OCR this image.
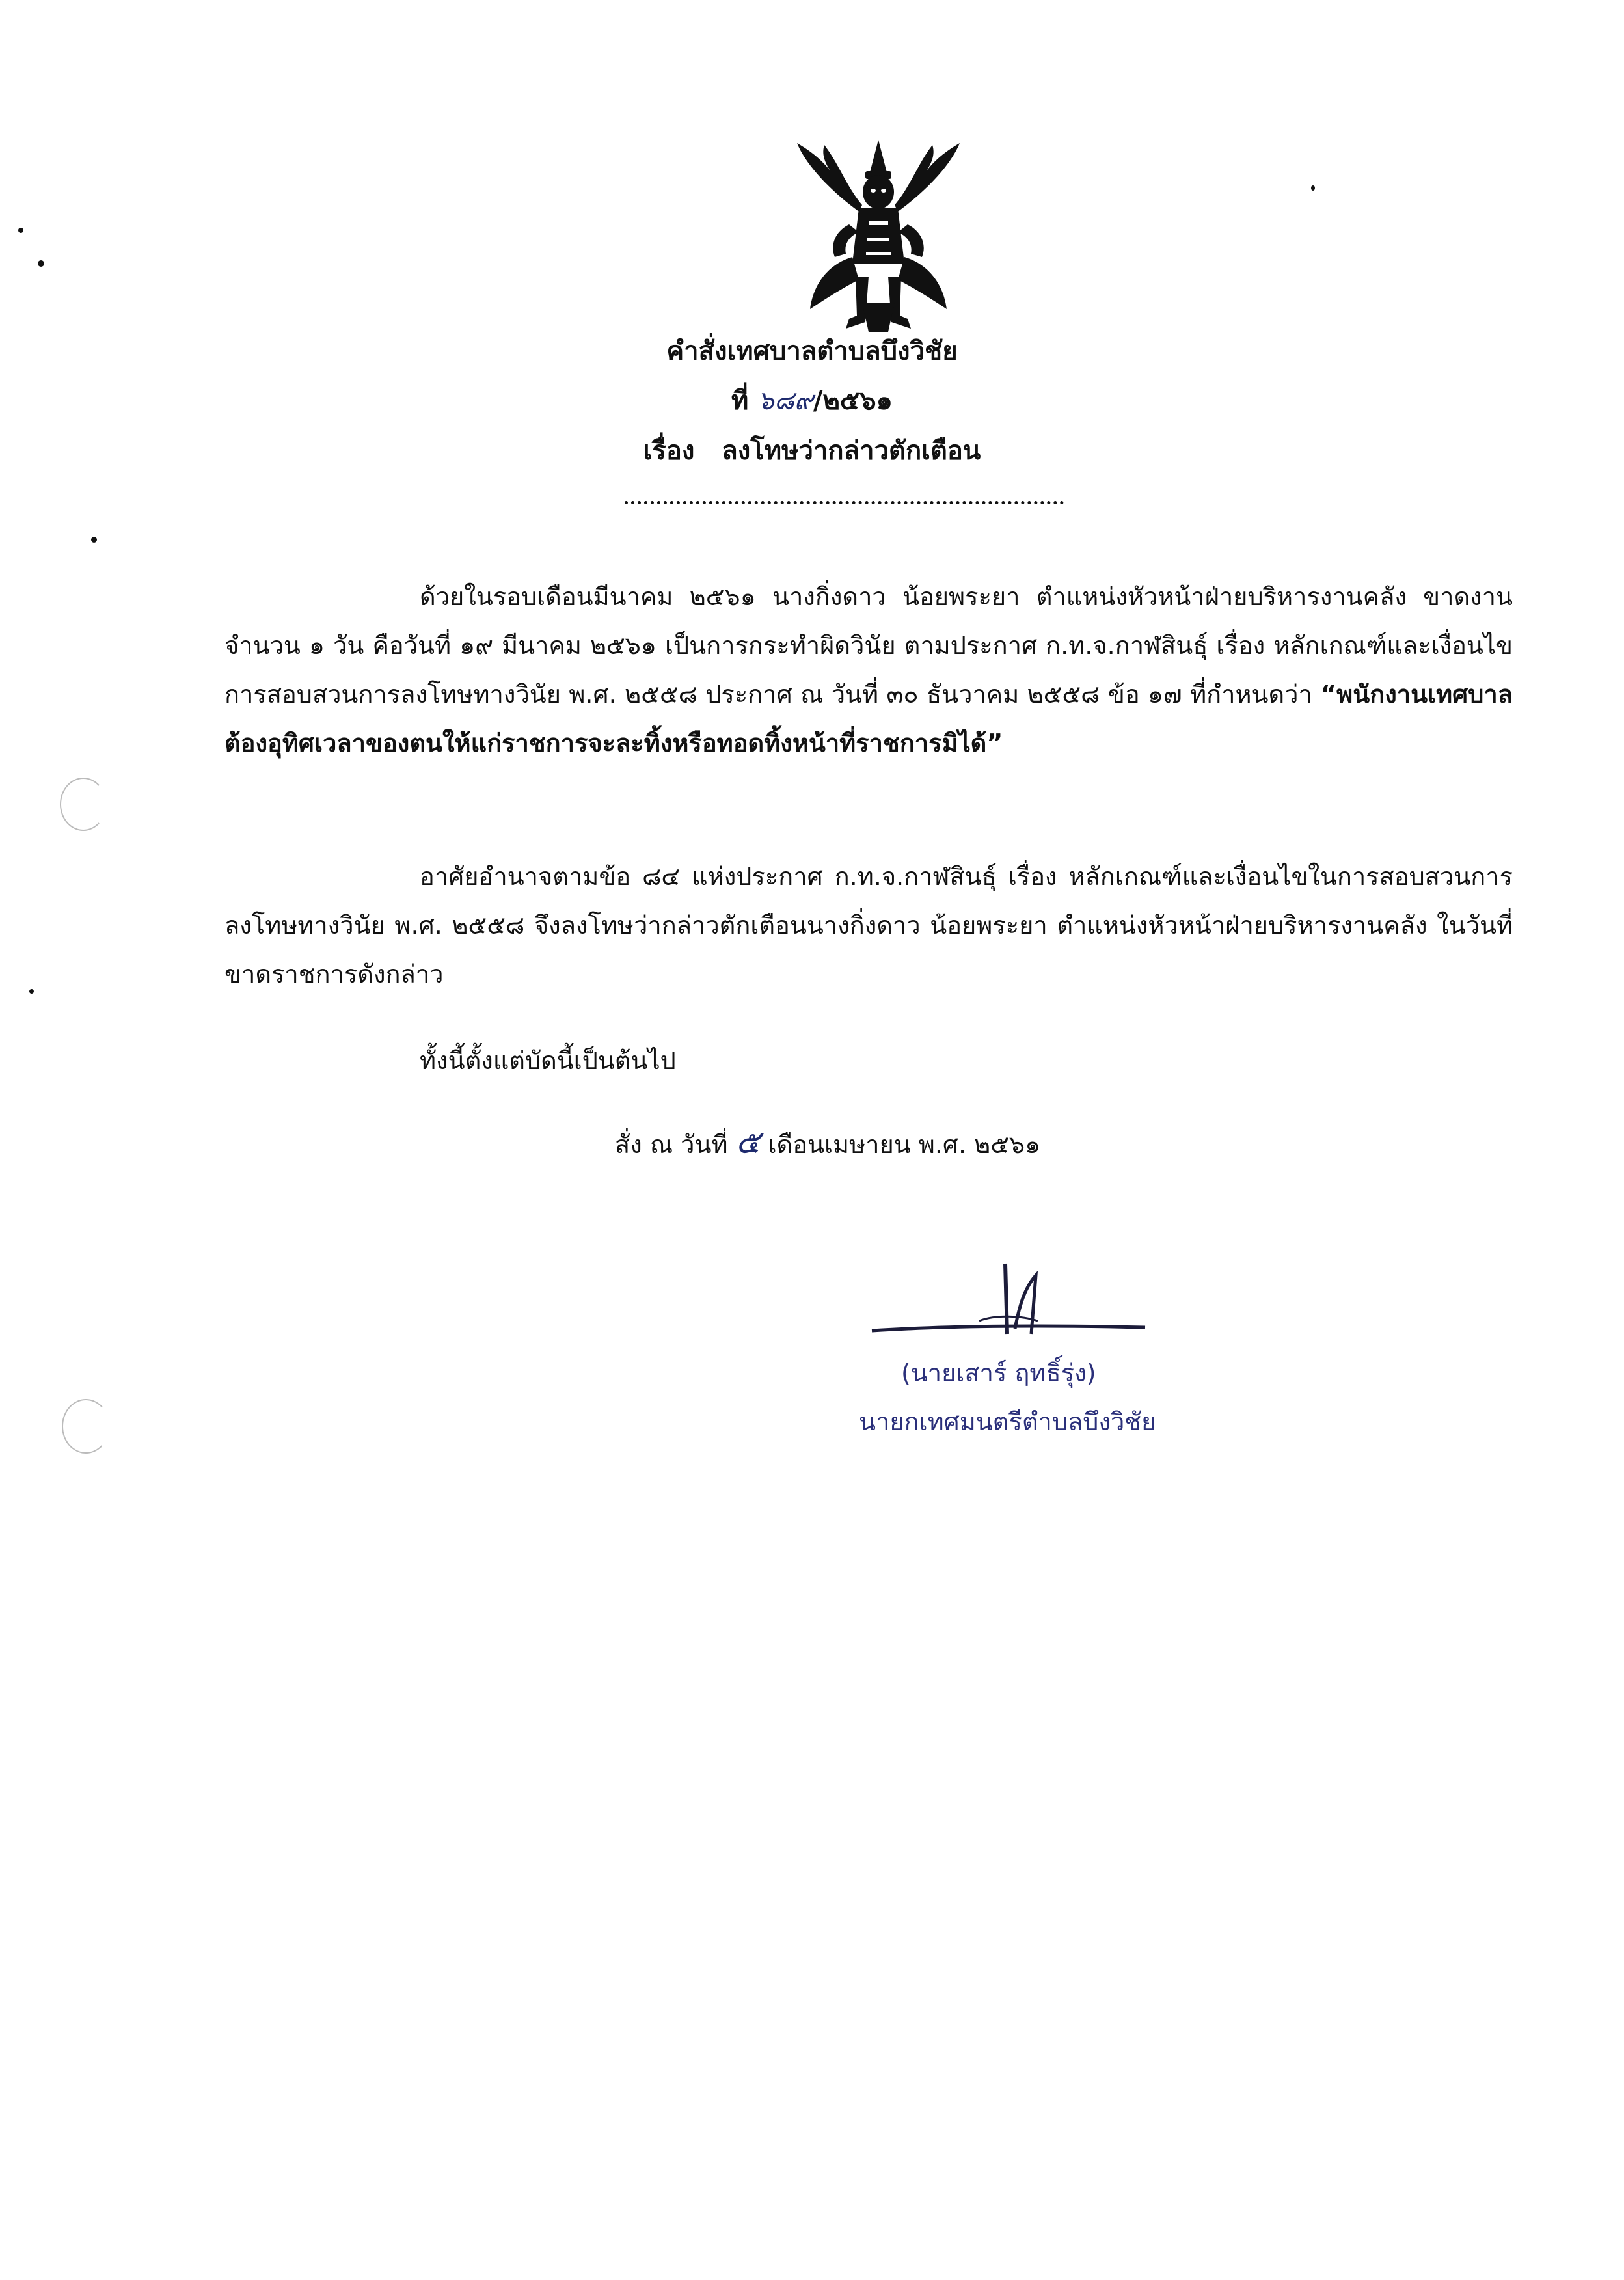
คำสั่งเทศบาลตำบลบึงวิชัย
ที่ ๖๘๙/๒๕๖๑
เรื่อง ลงโทษว่ากล่าวตักเตือน
ด้วยในรอบเดือนมีนาคม ๒๕๖๑ นางกิ่งดาว น้อยพระยา ตำแหน่งหัวหน้าฝ่ายบริหารงานคลัง ขาดงาน จำนวน ๑ วัน คือวันที่ ๑๙ มีนาคม ๒๕๖๑ เป็นการกระทำผิดวินัย ตามประกาศ ก.ท.จ.กาฬสินธุ์ เรื่อง หลักเกณฑ์และเงื่อนไขการสอบสวนการลงโทษทางวินัย พ.ศ. ๒๕๕๘ ประกาศ ณ วันที่ ๓๐ ธันวาคม ๒๕๕๘ ข้อ ๑๗ ที่กำหนดว่า “พนักงานเทศบาลต้องอุทิศเวลาของตนให้แก่ราชการจะละทิ้งหรือทอดทิ้งหน้าที่ราชการมิได้”
อาศัยอำนาจตามข้อ ๘๔ แห่งประกาศ ก.ท.จ.กาฬสินธุ์ เรื่อง หลักเกณฑ์และเงื่อนไขในการสอบสวนการลงโทษทางวินัย พ.ศ. ๒๕๕๘ จึงลงโทษว่ากล่าวตักเตือนนางกิ่งดาว น้อยพระยา ตำแหน่งหัวหน้าฝ่ายบริหารงานคลัง ในวันที่ขาดราชการดังกล่าว
ทั้งนี้ตั้งแต่บัดนี้เป็นต้นไป
สั่ง ณ วันที่ ๕ เดือนเมษายน พ.ศ. ๒๕๖๑
(นายเสาร์ ฤทธิ์รุ่ง)
นายกเทศมนตรีตำบลบึงวิชัย
